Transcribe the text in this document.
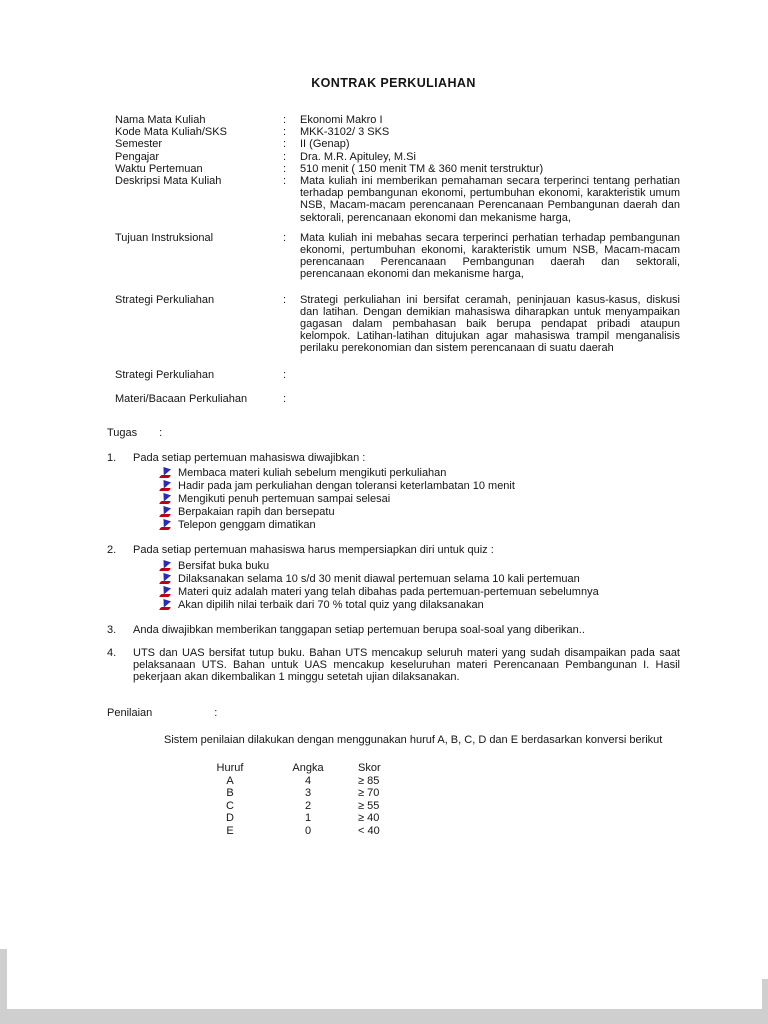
KONTRAK PERKULIAHAN
Nama Mata Kuliah	:	Ekonomi Makro I
Kode Mata Kuliah/SKS	:	MKK-3102/ 3 SKS
Semester	:	II (Genap)
Pengajar	:	Dra. M.R. Apituley, M.Si
Waktu Pertemuan	:	510 menit ( 150 menit TM & 360 menit terstruktur)
Deskripsi Mata Kuliah	:	Mata kuliah ini memberikan pemahaman secara terperinci tentang perhatian terhadap pembangunan ekonomi, pertumbuhan ekonomi, karakteristik umum NSB, Macam-macam perencanaan Perencanaan Pembangunan daerah dan sektorali, perencanaan ekonomi dan mekanisme harga,
Tujuan Instruksional	:	Mata kuliah ini mebahas secara terperinci perhatian terhadap pembangunan ekonomi, pertumbuhan ekonomi, karakteristik umum NSB, Macam-macam perencanaan Perencanaan Pembangunan daerah dan sektorali, perencanaan ekonomi dan mekanisme harga,
Strategi Perkuliahan	:	Strategi perkuliahan ini bersifat ceramah, peninjauan kasus-kasus, diskusi dan latihan. Dengan demikian mahasiswa diharapkan untuk menyampaikan gagasan dalam pembahasan baik berupa pendapat pribadi ataupun kelompok. Latihan-latihan ditujukan agar mahasiswa trampil menganalisis perilaku perekonomian dan sistem perencanaan di suatu daerah
Strategi Perkuliahan	:
Materi/Bacaan Perkuliahan	:
Tugas :
1.	Pada setiap pertemuan mahasiswa diwajibkan :
Membaca materi kuliah sebelum mengikuti perkuliahan
Hadir pada jam perkuliahan dengan toleransi keterlambatan 10 menit
Mengikuti penuh pertemuan sampai selesai
Berpakaian rapih dan bersepatu
Telepon genggam dimatikan
2.	Pada setiap pertemuan mahasiswa harus mempersiapkan diri untuk quiz :
Bersifat buka buku
Dilaksanakan selama 10 s/d 30 menit diawal pertemuan selama 10 kali pertemuan
Materi quiz adalah materi yang telah dibahas pada pertemuan-pertemuan sebelumnya
Akan dipilih nilai terbaik dari 70 % total quiz yang dilaksanakan
3.	Anda diwajibkan memberikan tanggapan setiap pertemuan berupa soal-soal yang diberikan..
4.	UTS dan UAS bersifat tutup buku. Bahan UTS mencakup seluruh materi yang sudah disampaikan pada saat pelaksanaan UTS. Bahan untuk UAS mencakup keseluruhan materi Perencanaan Pembangunan I. Hasil pekerjaan akan dikembalikan 1 minggu setetah ujian dilaksanakan.
Penilaian	:
Sistem penilaian dilakukan dengan menggunakan huruf A, B, C, D dan E berdasarkan konversi berikut
Huruf	Angka	Skor
A	4	≥ 85
B	3	≥ 70
C	2	≥ 55
D	1	≥ 40
E	0	< 40
